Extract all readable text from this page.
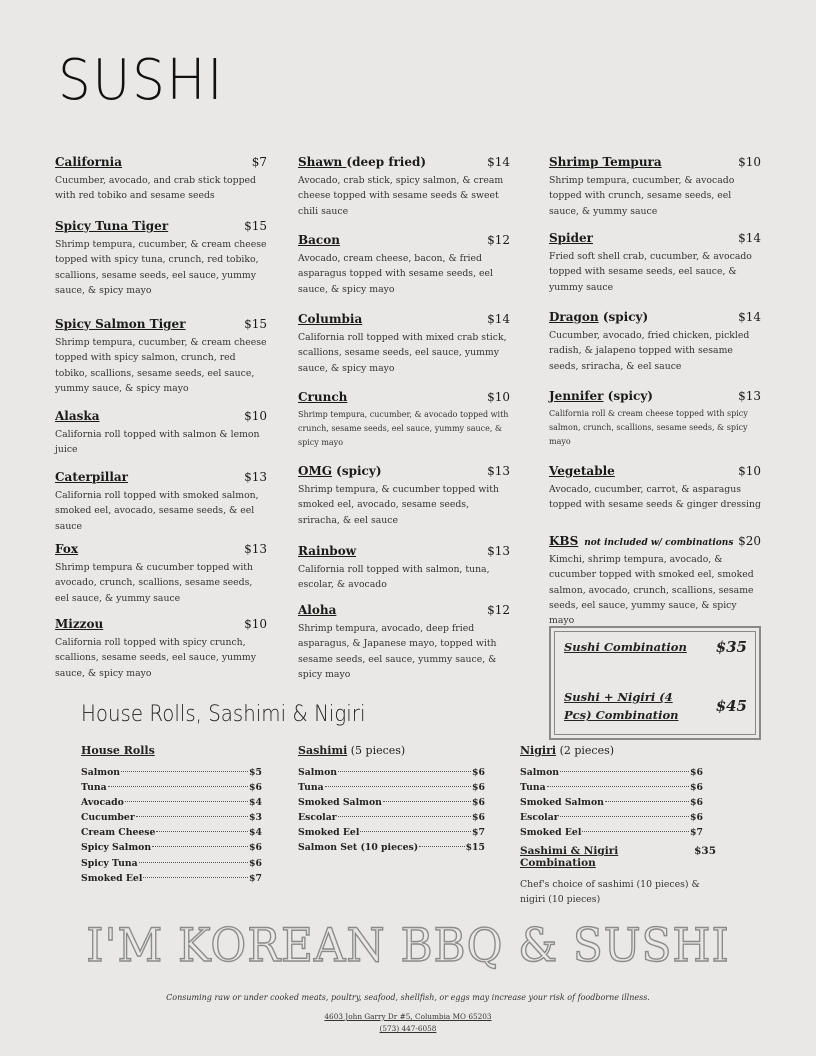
SUSHI
California	$7
Cucumber, avocado, and crab stick topped with red tobiko and sesame seeds
Spicy Tuna Tiger	$15
Shrimp tempura, cucumber, & cream cheese topped with spicy tuna, crunch, red tobiko, scallions, sesame seeds, eel sauce, yummy sauce, & spicy mayo
Spicy Salmon Tiger	$15
Shrimp tempura, cucumber, & cream cheese topped with spicy salmon, crunch, red tobiko, scallions, sesame seeds, eel sauce, yummy sauce, & spicy mayo
Alaska	$10
California roll topped with salmon & lemon juice
Caterpillar	$13
California roll topped with smoked salmon, smoked eel, avocado, sesame seeds, & eel sauce
Fox	$13
Shrimp tempura & cucumber topped with avocado, crunch, scallions, sesame seeds, eel sauce, & yummy sauce
Mizzou	$10
California roll topped with spicy crunch, scallions, sesame seeds, eel sauce, yummy sauce, & spicy mayo
Shawn (deep fried)	$14
Avocado, crab stick, spicy salmon, & cream cheese topped with sesame seeds & sweet chili sauce
Bacon	$12
Avocado, cream cheese, bacon, & fried asparagus topped with sesame seeds, eel sauce, & spicy mayo
Columbia	$14
California roll topped with mixed crab stick, scallions, sesame seeds, eel sauce, yummy sauce, & spicy mayo
Crunch	$10
Shrimp tempura, cucumber, & avocado topped with crunch, sesame seeds, eel sauce, yummy sauce, & spicy mayo
OMG (spicy)	$13
Shrimp tempura, & cucumber topped with smoked eel, avocado, sesame seeds, sriracha, & eel sauce
Rainbow	$13
California roll topped with salmon, tuna, escolar, & avocado
Aloha	$12
Shrimp tempura, avocado, deep fried asparagus, & Japanese mayo, topped with sesame seeds, eel sauce, yummy sauce, & spicy mayo
Shrimp Tempura	$10
Shrimp tempura, cucumber, & avocado topped with crunch, sesame seeds, eel sauce, & yummy sauce
Spider	$14
Fried soft shell crab, cucumber, & avocado topped with sesame seeds, eel sauce, & yummy sauce
Dragon (spicy)	$14
Cucumber, avocado, fried chicken, pickled radish, & jalapeno topped with sesame seeds, sriracha, & eel sauce
Jennifer (spicy)	$13
California roll & cream cheese topped with spicy salmon, crunch, scallions, sesame seeds, & spicy mayo
Vegetable	$10
Avocado, cucumber, carrot, & asparagus topped with sesame seeds & ginger dressing
KBS not included w/ combinations $20
Kimchi, shrimp tempura, avocado, & cucumber topped with smoked eel, smoked salmon, avocado, crunch, scallions, sesame seeds, eel sauce, yummy sauce, & spicy mayo
Sushi Combination $35
Sushi + Nigiri (4 Pcs) Combination	$45
House Rolls, Sashimi & Nigiri
House Rolls
Salmon	$5
Tuna	$6
Avocado	$4
Cucumber	$3
Cream Cheese	$4
Spicy Salmon	$6
Spicy Tuna	$6
Smoked Eel	$7
Sashimi (5 pieces)
Salmon	$6
Tuna	$6
Smoked Salmon	$6
Escolar	$6
Smoked Eel	$7
Salmon Set (10 pieces)	$15
Nigiri (2 pieces)
Salmon	$6
Tuna	$6
Smoked Salmon	$6
Escolar	$6
Smoked Eel	$7
Sashimi & Nigiri Combination
$35
Chef's choice of sashimi (10 pieces) & nigiri (10 pieces)
I'M KOREAN BBQ & SUSHI
Consuming raw or under cooked meats, poultry, seafood, shellfish, or eggs may increase your risk of foodborne illness.
4603 John Garry Dr #5, Columbia MO 65203
(573) 447-6058
